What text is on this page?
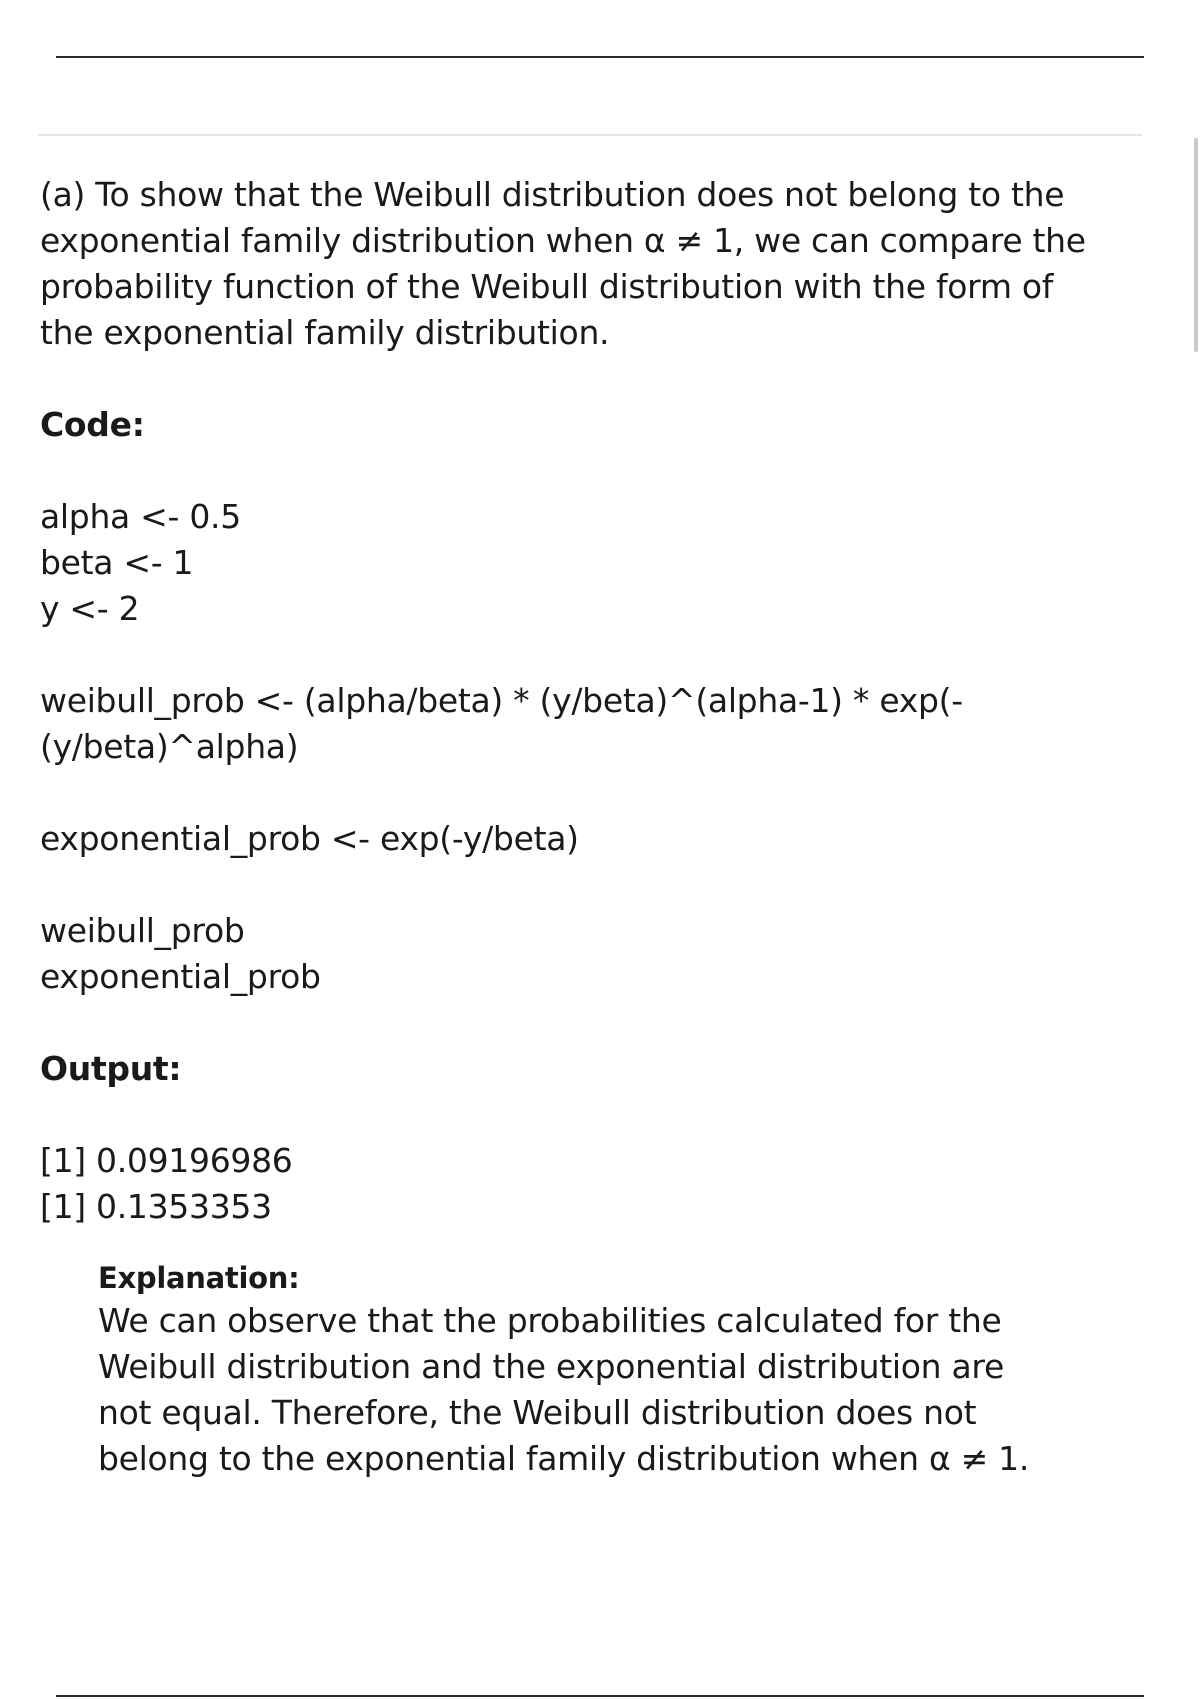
(a) To show that the Weibull distribution does not belong to the
exponential family distribution when α ≠ 1, we can compare the
probability function of the Weibull distribution with the form of
the exponential family distribution.

Code:

alpha <- 0.5
beta <- 1
y <- 2

weibull_prob <- (alpha/beta) * (y/beta)^(alpha-1) * exp(-
(y/beta)^alpha)

exponential_prob <- exp(-y/beta)

weibull_prob
exponential_prob

Output:

[1] 0.09196986
[1] 0.1353353

Explanation:

We can observe that the probabilities calculated for the
Weibull distribution and the exponential distribution are
not equal. Therefore, the Weibull distribution does not
belong to the exponential family distribution when α ≠ 1.
